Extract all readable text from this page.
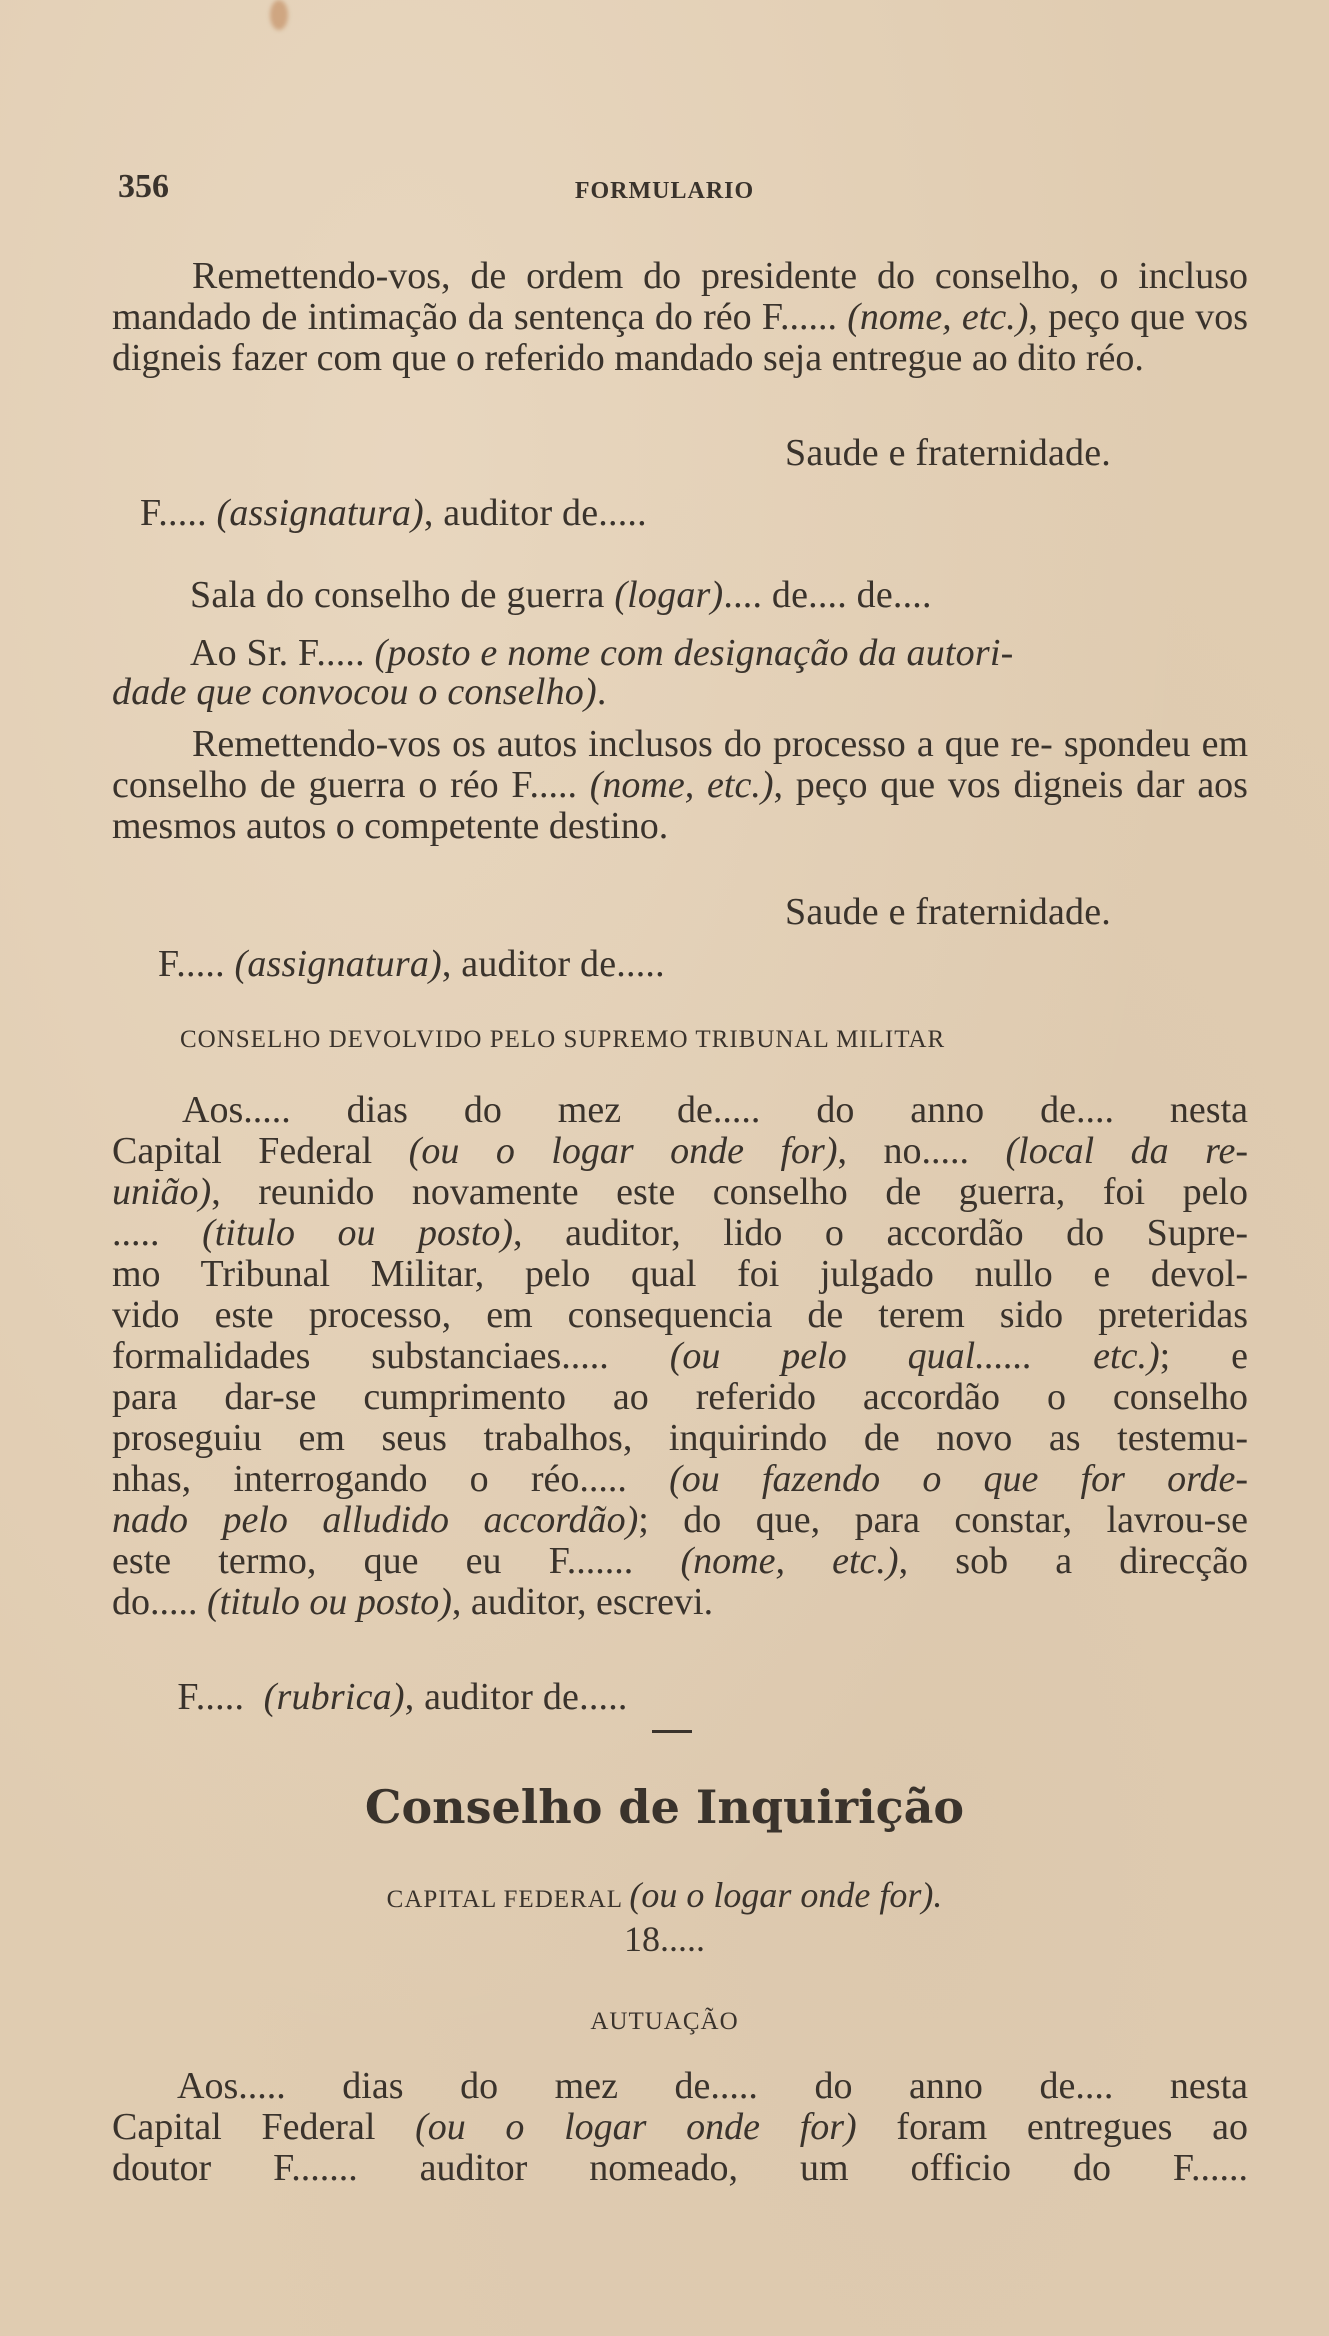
356	FORMULARIO
Remettendo-vos, de ordem do presidente do conselho, o incluso mandado de intimação da sentença do réo F...... (nome, etc.), peço que vos digneis fazer com que o referido mandado seja entregue ao dito réo.
Saude e fraternidade.
F..... (assignatura), auditor de.....
Sala do conselho de guerra (logar).... de.... de....
Ao Sr. F..... (posto e nome com designação da autori-
dade que convocou o conselho).
Remettendo-vos os autos inclusos do processo a que re- spondeu em conselho de guerra o réo F..... (nome, etc.), peço que vos digneis dar aos mesmos autos o competente destino.
Saude e fraternidade.
F..... (assignatura), auditor de.....
CONSELHO DEVOLVIDO PELO SUPREMO TRIBUNAL MILITAR
Aos..... dias do mez de..... do anno de.... nesta
Capital Federal (ou o logar onde for), no..... (local da re-
união), reunido novamente este conselho de guerra, foi pelo
..... (titulo ou posto), auditor, lido o accordão do Supre-
mo Tribunal Militar, pelo qual foi julgado nullo e devol-
vido este processo, em consequencia de terem sido preteridas
formalidades substanciaes..... (ou pelo qual...... etc.); e
para dar-se cumprimento ao referido accordão o conselho
proseguiu em seus trabalhos, inquirindo de novo as testemu-
nhas, interrogando o réo..... (ou fazendo o que for orde-
nado pelo alludido accordão); do que, para constar, lavrou-se
este termo, que eu F....... (nome, etc.), sob a direcção
do..... (titulo ou posto), auditor, escrevi.

F.....  (rubrica), auditor de.....

Conselho de Inquirição
CAPITAL FEDERAL (ou o logar onde for).
18.....
AUTUAÇÃO
Aos..... dias do mez de..... do anno de.... nesta
Capital Federal (ou o logar onde for) foram entregues ao
doutor F....... auditor nomeado, um officio do F......
